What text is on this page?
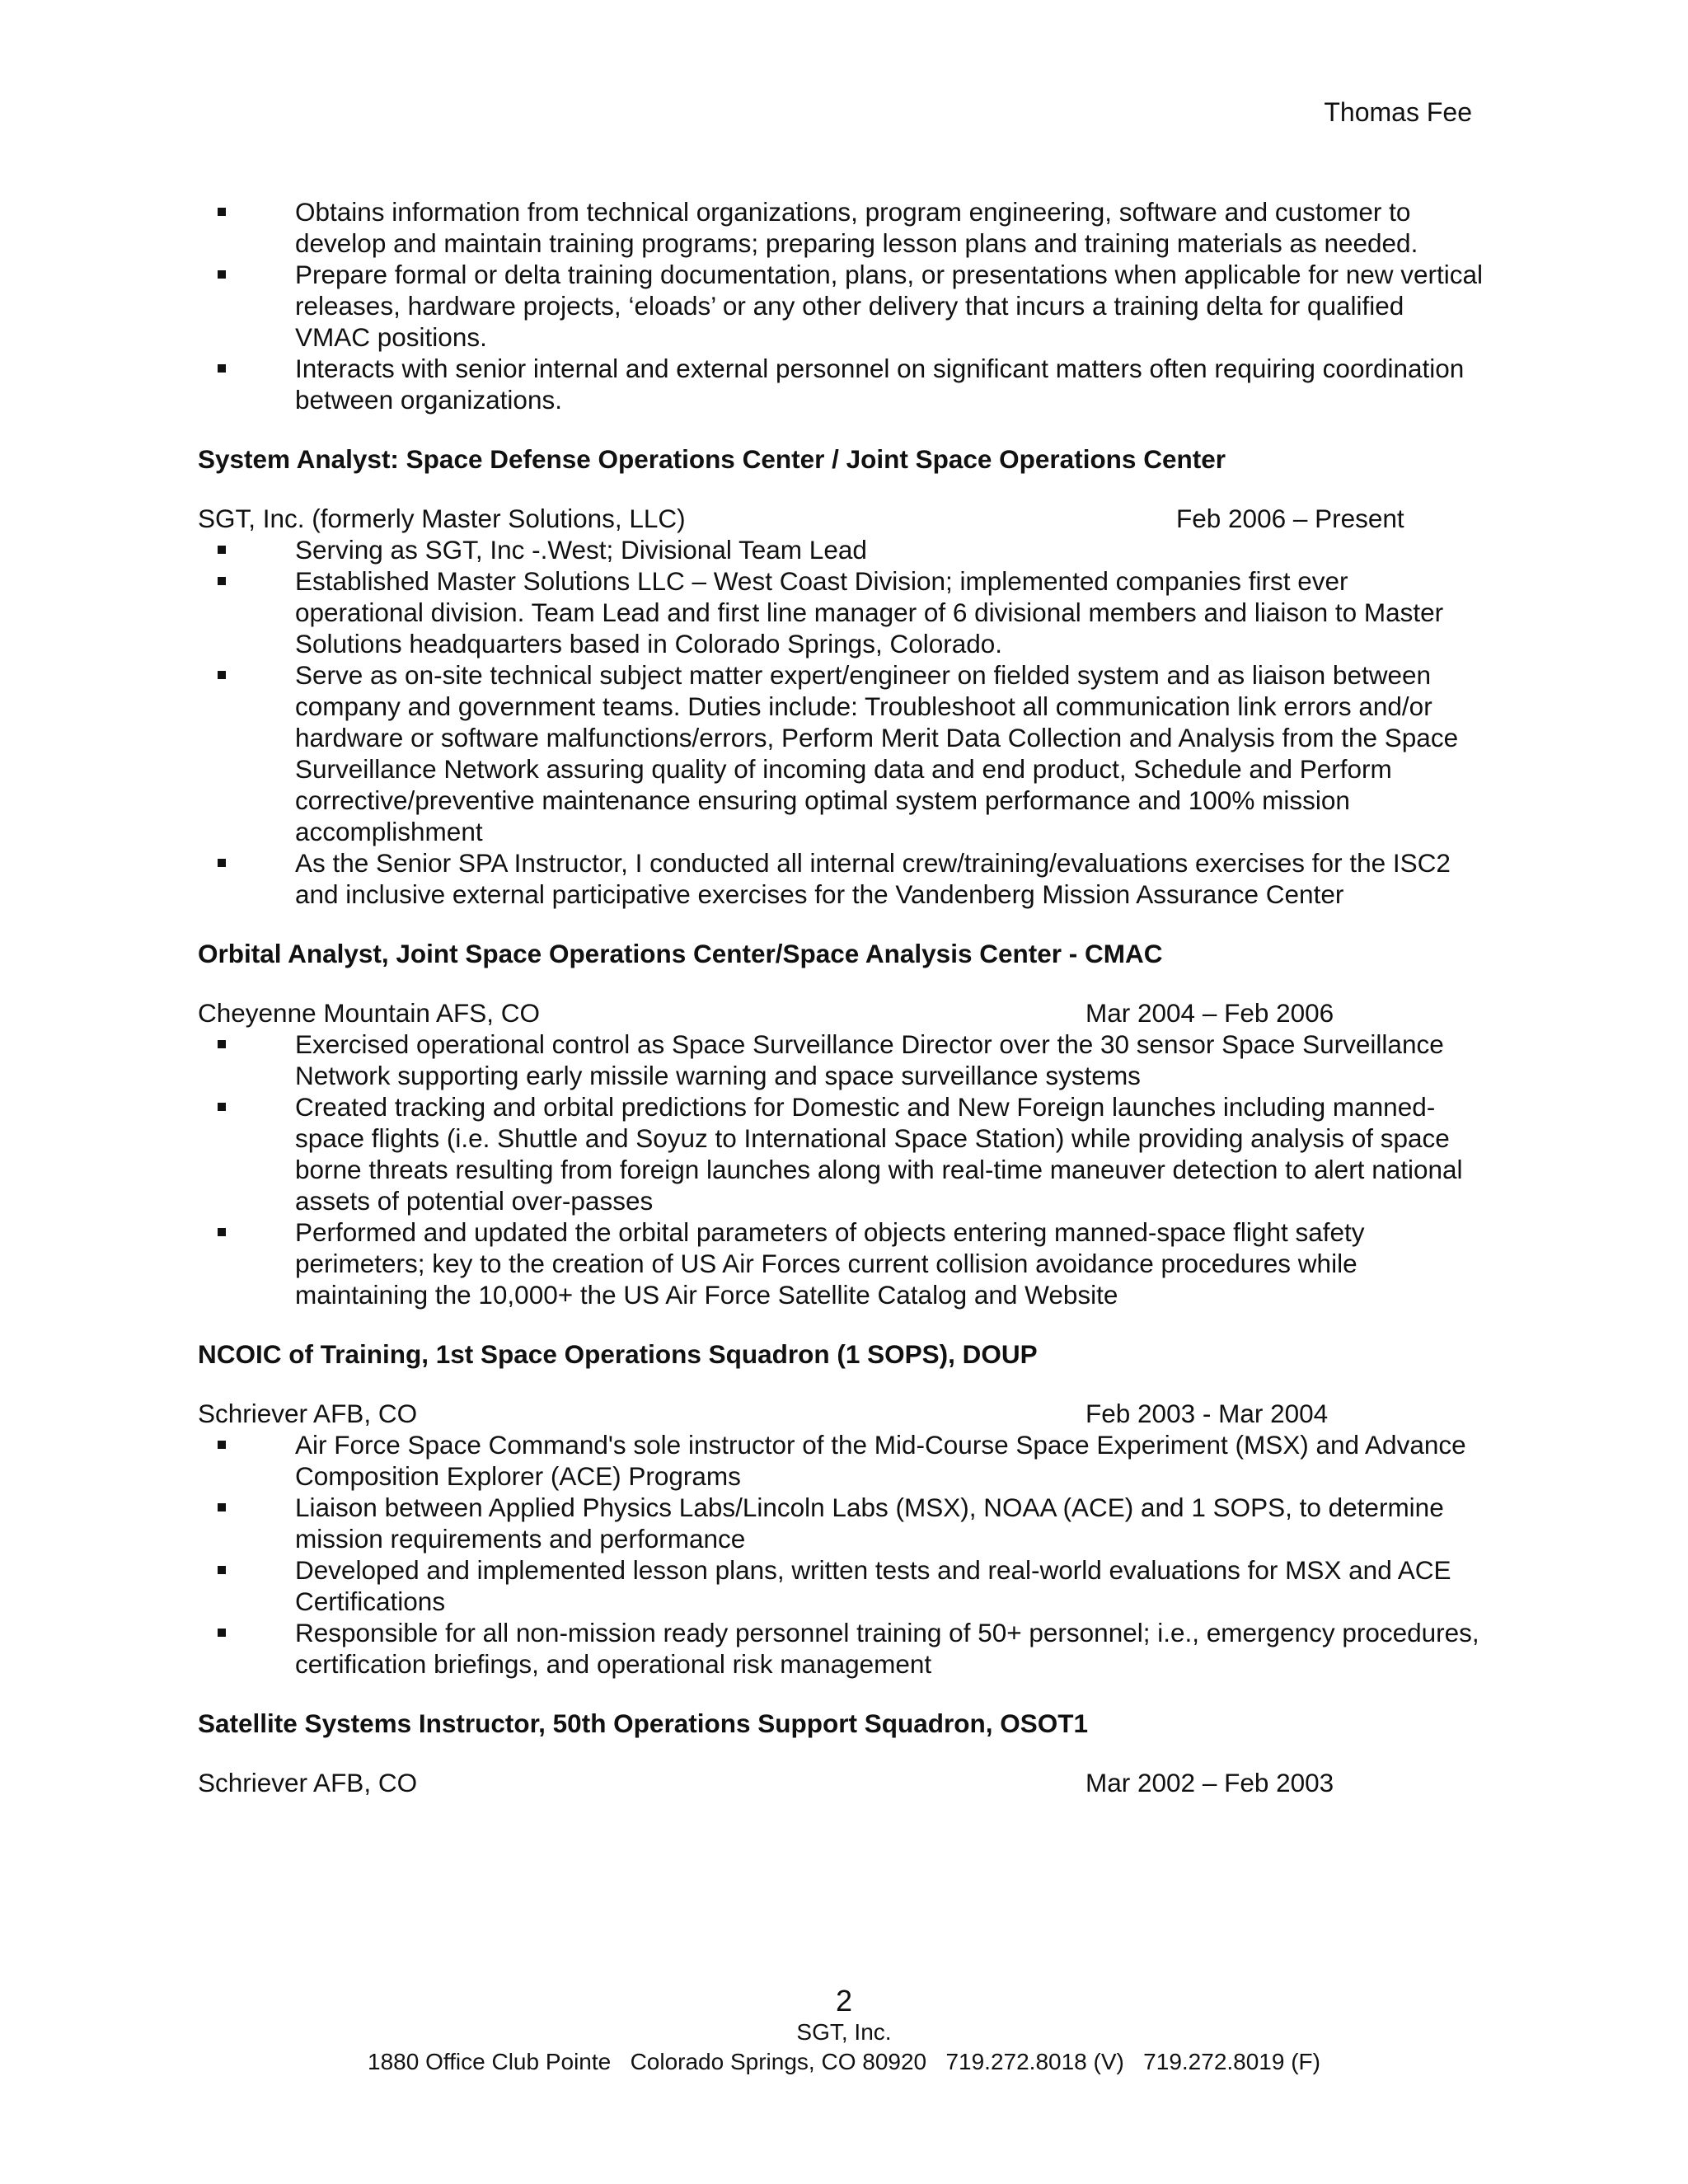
Thomas Fee
Obtains information from technical organizations, program engineering, software and customer to develop and maintain training programs; preparing lesson plans and training materials as needed.
Prepare formal or delta training documentation, plans, or presentations when applicable for new vertical releases, hardware projects, ‘eloads’ or any other delivery that incurs a training delta for qualified VMAC positions.
Interacts with senior internal and external personnel on significant matters often requiring coordination between organizations.
System Analyst: Space Defense Operations Center / Joint Space Operations Center
SGT, Inc. (formerly Master Solutions, LLC)	Feb 2006 – Present
Serving as SGT, Inc -.West; Divisional Team Lead
Established Master Solutions LLC – West Coast Division; implemented companies first ever operational division. Team Lead and first line manager of 6 divisional members and liaison to Master Solutions headquarters based in Colorado Springs, Colorado.
Serve as on-site technical subject matter expert/engineer on fielded system and as liaison between company and government teams. Duties include: Troubleshoot all communication link errors and/or hardware or software malfunctions/errors, Perform Merit Data Collection and Analysis from the Space Surveillance Network assuring quality of incoming data and end product, Schedule and Perform corrective/preventive maintenance ensuring optimal system performance and 100% mission accomplishment
As the Senior SPA Instructor, I conducted all internal crew/training/evaluations exercises for the ISC2 and inclusive external participative exercises for the Vandenberg Mission Assurance Center
Orbital Analyst, Joint Space Operations Center/Space Analysis Center - CMAC
Cheyenne Mountain AFS, CO	Mar 2004 – Feb 2006
Exercised operational control as Space Surveillance Director over the 30 sensor Space Surveillance Network supporting early missile warning and space surveillance systems
Created tracking and orbital predictions for Domestic and New Foreign launches including manned-space flights (i.e. Shuttle and Soyuz to International Space Station) while providing analysis of space borne threats resulting from foreign launches along with real-time maneuver detection to alert national assets of potential over-passes
Performed and updated the orbital parameters of objects entering manned-space flight safety perimeters; key to the creation of US Air Forces current collision avoidance procedures while maintaining the 10,000+ the US Air Force Satellite Catalog and Website
NCOIC of Training, 1st Space Operations Squadron (1 SOPS), DOUP
Schriever AFB, CO	Feb 2003 - Mar 2004
Air Force Space Command's sole instructor of the Mid-Course Space Experiment (MSX) and Advance Composition Explorer (ACE) Programs
Liaison between Applied Physics Labs/Lincoln Labs (MSX), NOAA (ACE) and 1 SOPS, to determine mission requirements and performance
Developed and implemented lesson plans, written tests and real-world evaluations for MSX and ACE Certifications
Responsible for all non-mission ready personnel training of 50+ personnel; i.e., emergency procedures, certification briefings, and operational risk management
Satellite Systems Instructor, 50th Operations Support Squadron, OSOT1
Schriever AFB, CO	Mar 2002 – Feb 2003
2
SGT, Inc.
1880 Office Club Pointe   Colorado Springs, CO 80920   719.272.8018 (V)   719.272.8019 (F)
